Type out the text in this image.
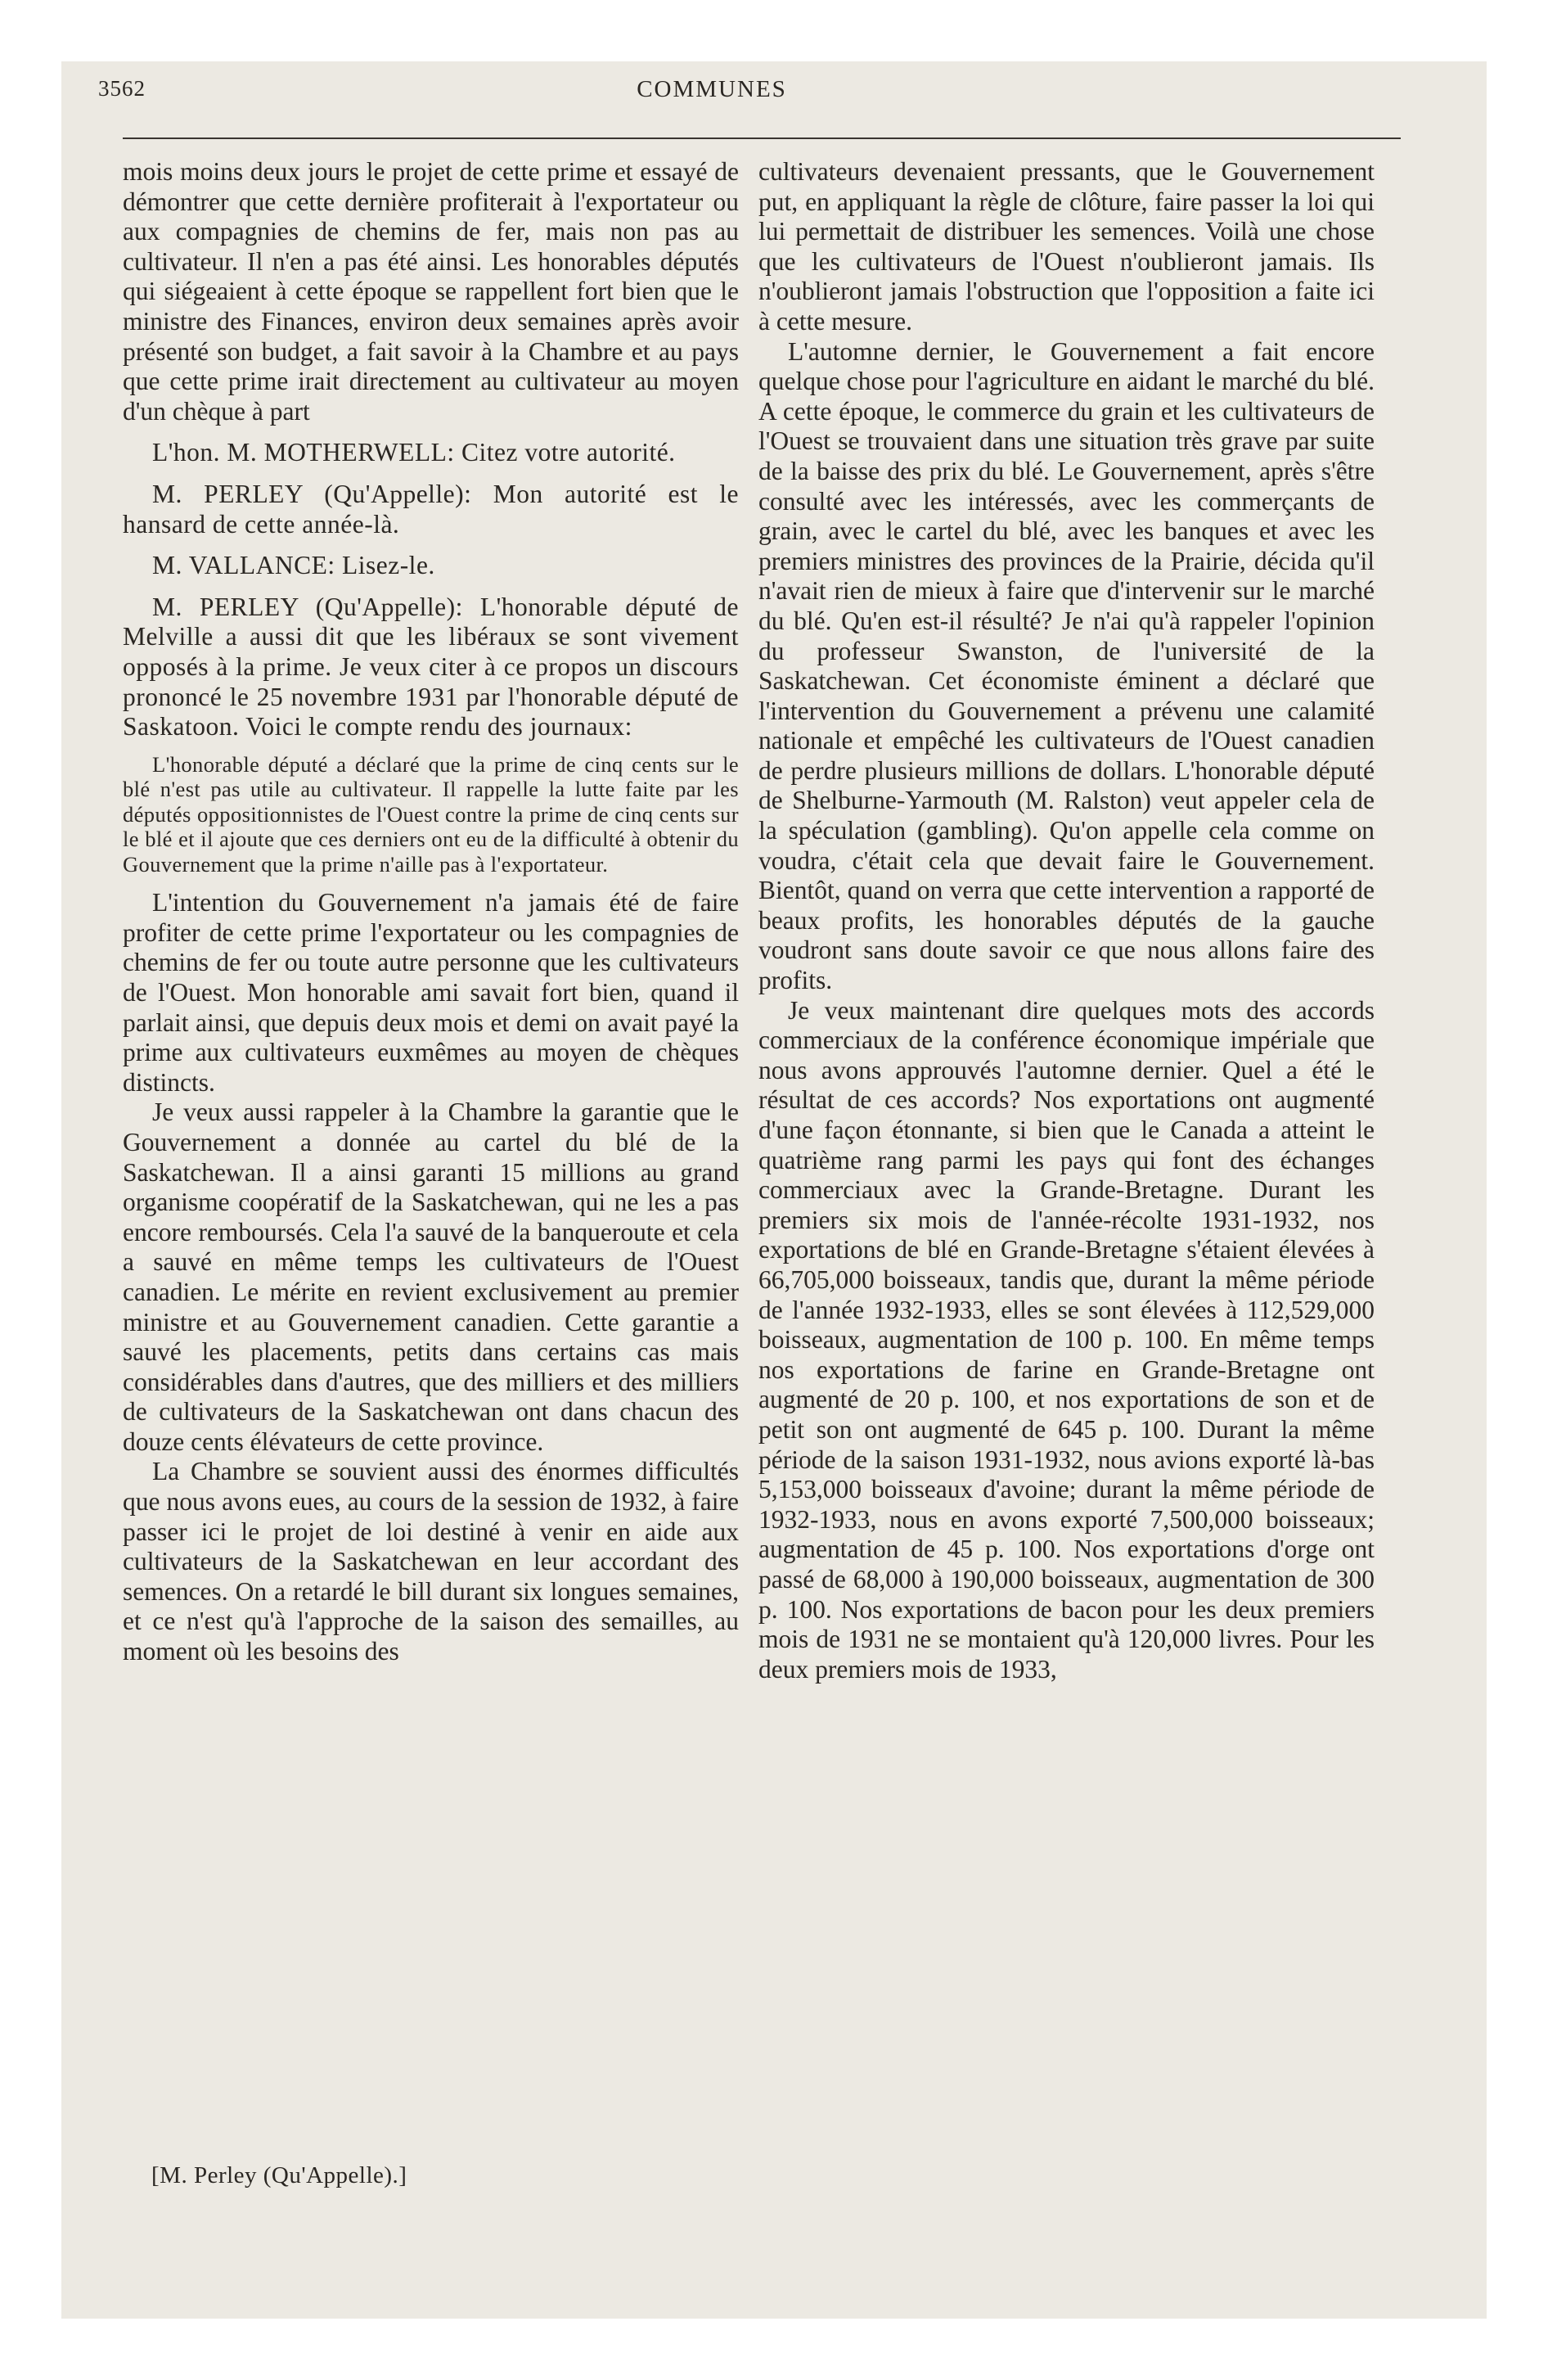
3562	COMMUNES

mois moins deux jours le projet de cette prime et essayé de démontrer que cette dernière profiterait à l'exportateur ou aux compagnies de chemins de fer, mais non pas au cultivateur. Il n'en a pas été ainsi. Les honorables députés qui siégeaient à cette époque se rappellent fort bien que le ministre des Finances, environ deux semaines après avoir présenté son budget, a fait savoir à la Chambre et au pays que cette prime irait directement au cultivateur au moyen d'un chèque à part

L'hon. M. MOTHERWELL: Citez votre autorité.

M. PERLEY (Qu'Appelle): Mon autorité est le hansard de cette année-là.

M. VALLANCE: Lisez-le.

M. PERLEY (Qu'Appelle): L'honorable député de Melville a aussi dit que les libéraux se sont vivement opposés à la prime. Je veux citer à ce propos un discours prononcé le 25 novembre 1931 par l'honorable député de Saskatoon. Voici le compte rendu des journaux:

L'honorable député a déclaré que la prime de cinq cents sur le blé n'est pas utile au cultivateur. Il rappelle la lutte faite par les députés oppositionnistes de l'Ouest contre la prime de cinq cents sur le blé et il ajoute que ces derniers ont eu de la difficulté à obtenir du Gouvernement que la prime n'aille pas à l'exportateur.

L'intention du Gouvernement n'a jamais été de faire profiter de cette prime l'exportateur ou les compagnies de chemins de fer ou toute autre personne que les cultivateurs de l'Ouest. Mon honorable ami savait fort bien, quand il parlait ainsi, que depuis deux mois et demi on avait payé la prime aux cultivateurs euxmêmes au moyen de chèques distincts.

Je veux aussi rappeler à la Chambre la garantie que le Gouvernement a donnée au cartel du blé de la Saskatchewan. Il a ainsi garanti 15 millions au grand organisme coopératif de la Saskatchewan, qui ne les a pas encore remboursés. Cela l'a sauvé de la banqueroute et cela a sauvé en même temps les cultivateurs de l'Ouest canadien. Le mérite en revient exclusivement au premier ministre et au Gouvernement canadien. Cette garantie a sauvé les placements, petits dans certains cas mais considérables dans d'autres, que des milliers et des milliers de cultivateurs de la Saskatchewan ont dans chacun des douze cents élévateurs de cette province.

La Chambre se souvient aussi des énormes difficultés que nous avons eues, au cours de la session de 1932, à faire passer ici le projet de loi destiné à venir en aide aux cultivateurs de la Saskatchewan en leur accordant des semences. On a retardé le bill durant six longues semaines, et ce n'est qu'à l'approche de la saison des semailles, au moment où les besoins des

cultivateurs devenaient pressants, que le Gouvernement put, en appliquant la règle de clôture, faire passer la loi qui lui permettait de distribuer les semences. Voilà une chose que les cultivateurs de l'Ouest n'oublieront jamais. Ils n'oublieront jamais l'obstruction que l'opposition a faite ici à cette mesure.

L'automne dernier, le Gouvernement a fait encore quelque chose pour l'agriculture en aidant le marché du blé. A cette époque, le commerce du grain et les cultivateurs de l'Ouest se trouvaient dans une situation très grave par suite de la baisse des prix du blé. Le Gouvernement, après s'être consulté avec les intéressés, avec les commerçants de grain, avec le cartel du blé, avec les banques et avec les premiers ministres des provinces de la Prairie, décida qu'il n'avait rien de mieux à faire que d'intervenir sur le marché du blé. Qu'en est-il résulté? Je n'ai qu'à rappeler l'opinion du professeur Swanston, de l'université de la Saskatchewan. Cet économiste éminent a déclaré que l'intervention du Gouvernement a prévenu une calamité nationale et empêché les cultivateurs de l'Ouest canadien de perdre plusieurs millions de dollars. L'honorable député de Shelburne-Yarmouth (M. Ralston) veut appeler cela de la spéculation (gambling). Qu'on appelle cela comme on voudra, c'était cela que devait faire le Gouvernement. Bientôt, quand on verra que cette intervention a rapporté de beaux profits, les honorables députés de la gauche voudront sans doute savoir ce que nous allons faire des profits.

Je veux maintenant dire quelques mots des accords commerciaux de la conférence économique impériale que nous avons approuvés l'automne dernier. Quel a été le résultat de ces accords? Nos exportations ont augmenté d'une façon étonnante, si bien que le Canada a atteint le quatrième rang parmi les pays qui font des échanges commerciaux avec la Grande-Bretagne. Durant les premiers six mois de l'année-récolte 1931-1932, nos exportations de blé en Grande-Bretagne s'étaient élevées à 66,705,000 boisseaux, tandis que, durant la même période de l'année 1932-1933, elles se sont élevées à 112,529,000 boisseaux, augmentation de 100 p. 100. En même temps nos exportations de farine en Grande-Bretagne ont augmenté de 20 p. 100, et nos exportations de son et de petit son ont augmenté de 645 p. 100. Durant la même période de la saison 1931-1932, nous avions exporté là-bas 5,153,000 boisseaux d'avoine; durant la même période de 1932-1933, nous en avons exporté 7,500,000 boisseaux; augmentation de 45 p. 100. Nos exportations d'orge ont passé de 68,000 à 190,000 boisseaux, augmentation de 300 p. 100. Nos exportations de bacon pour les deux premiers mois de 1931 ne se montaient qu'à 120,000 livres. Pour les deux premiers mois de 1933,

[M. Perley (Qu'Appelle).]
